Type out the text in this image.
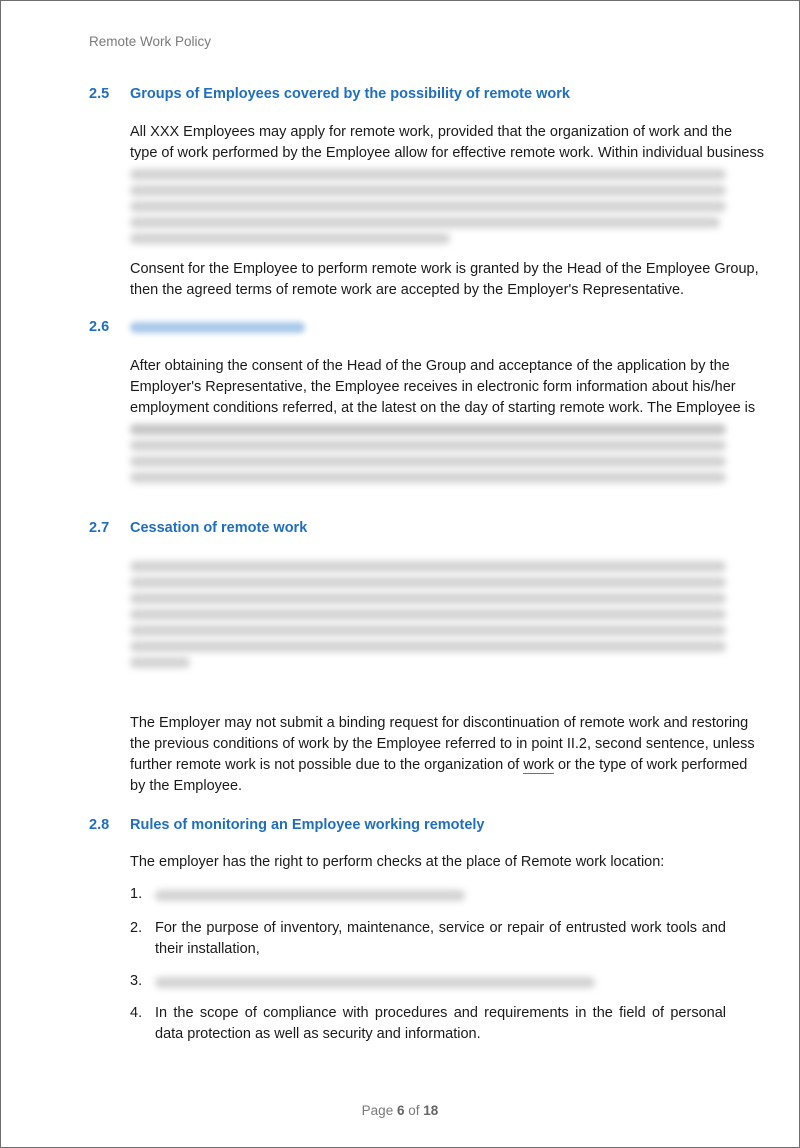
Remote Work Policy
2.5 Groups of Employees covered by the possibility of remote work
All XXX Employees may apply for remote work, provided that the organization of work and the
type of work performed by the Employee allow for effective remote work. Within individual business
Consent for the Employee to perform remote work is granted by the Head of the Employee Group,
then the agreed terms of remote work are accepted by the Employer's Representative.
2.6
After obtaining the consent of the Head of the Group and acceptance of the application by the
Employer's Representative, the Employee receives in electronic form information about his/her
employment conditions referred, at the latest on the day of starting remote work. The Employee is
2.7 Cessation of remote work
The Employer may not submit a binding request for discontinuation of remote work and restoring
the previous conditions of work by the Employee referred to in point II.2, second sentence, unless
further remote work is not possible due to the organization of work or the type of work performed
by the Employee.
2.8 Rules of monitoring an Employee working remotely
The employer has the right to perform checks at the place of Remote work location:
1.
2. For the purpose of inventory, maintenance, service or repair of entrusted work tools and their installation,
3.
4. In the scope of compliance with procedures and requirements in the field of personal data protection as well as security and information.
Page 6 of 18
